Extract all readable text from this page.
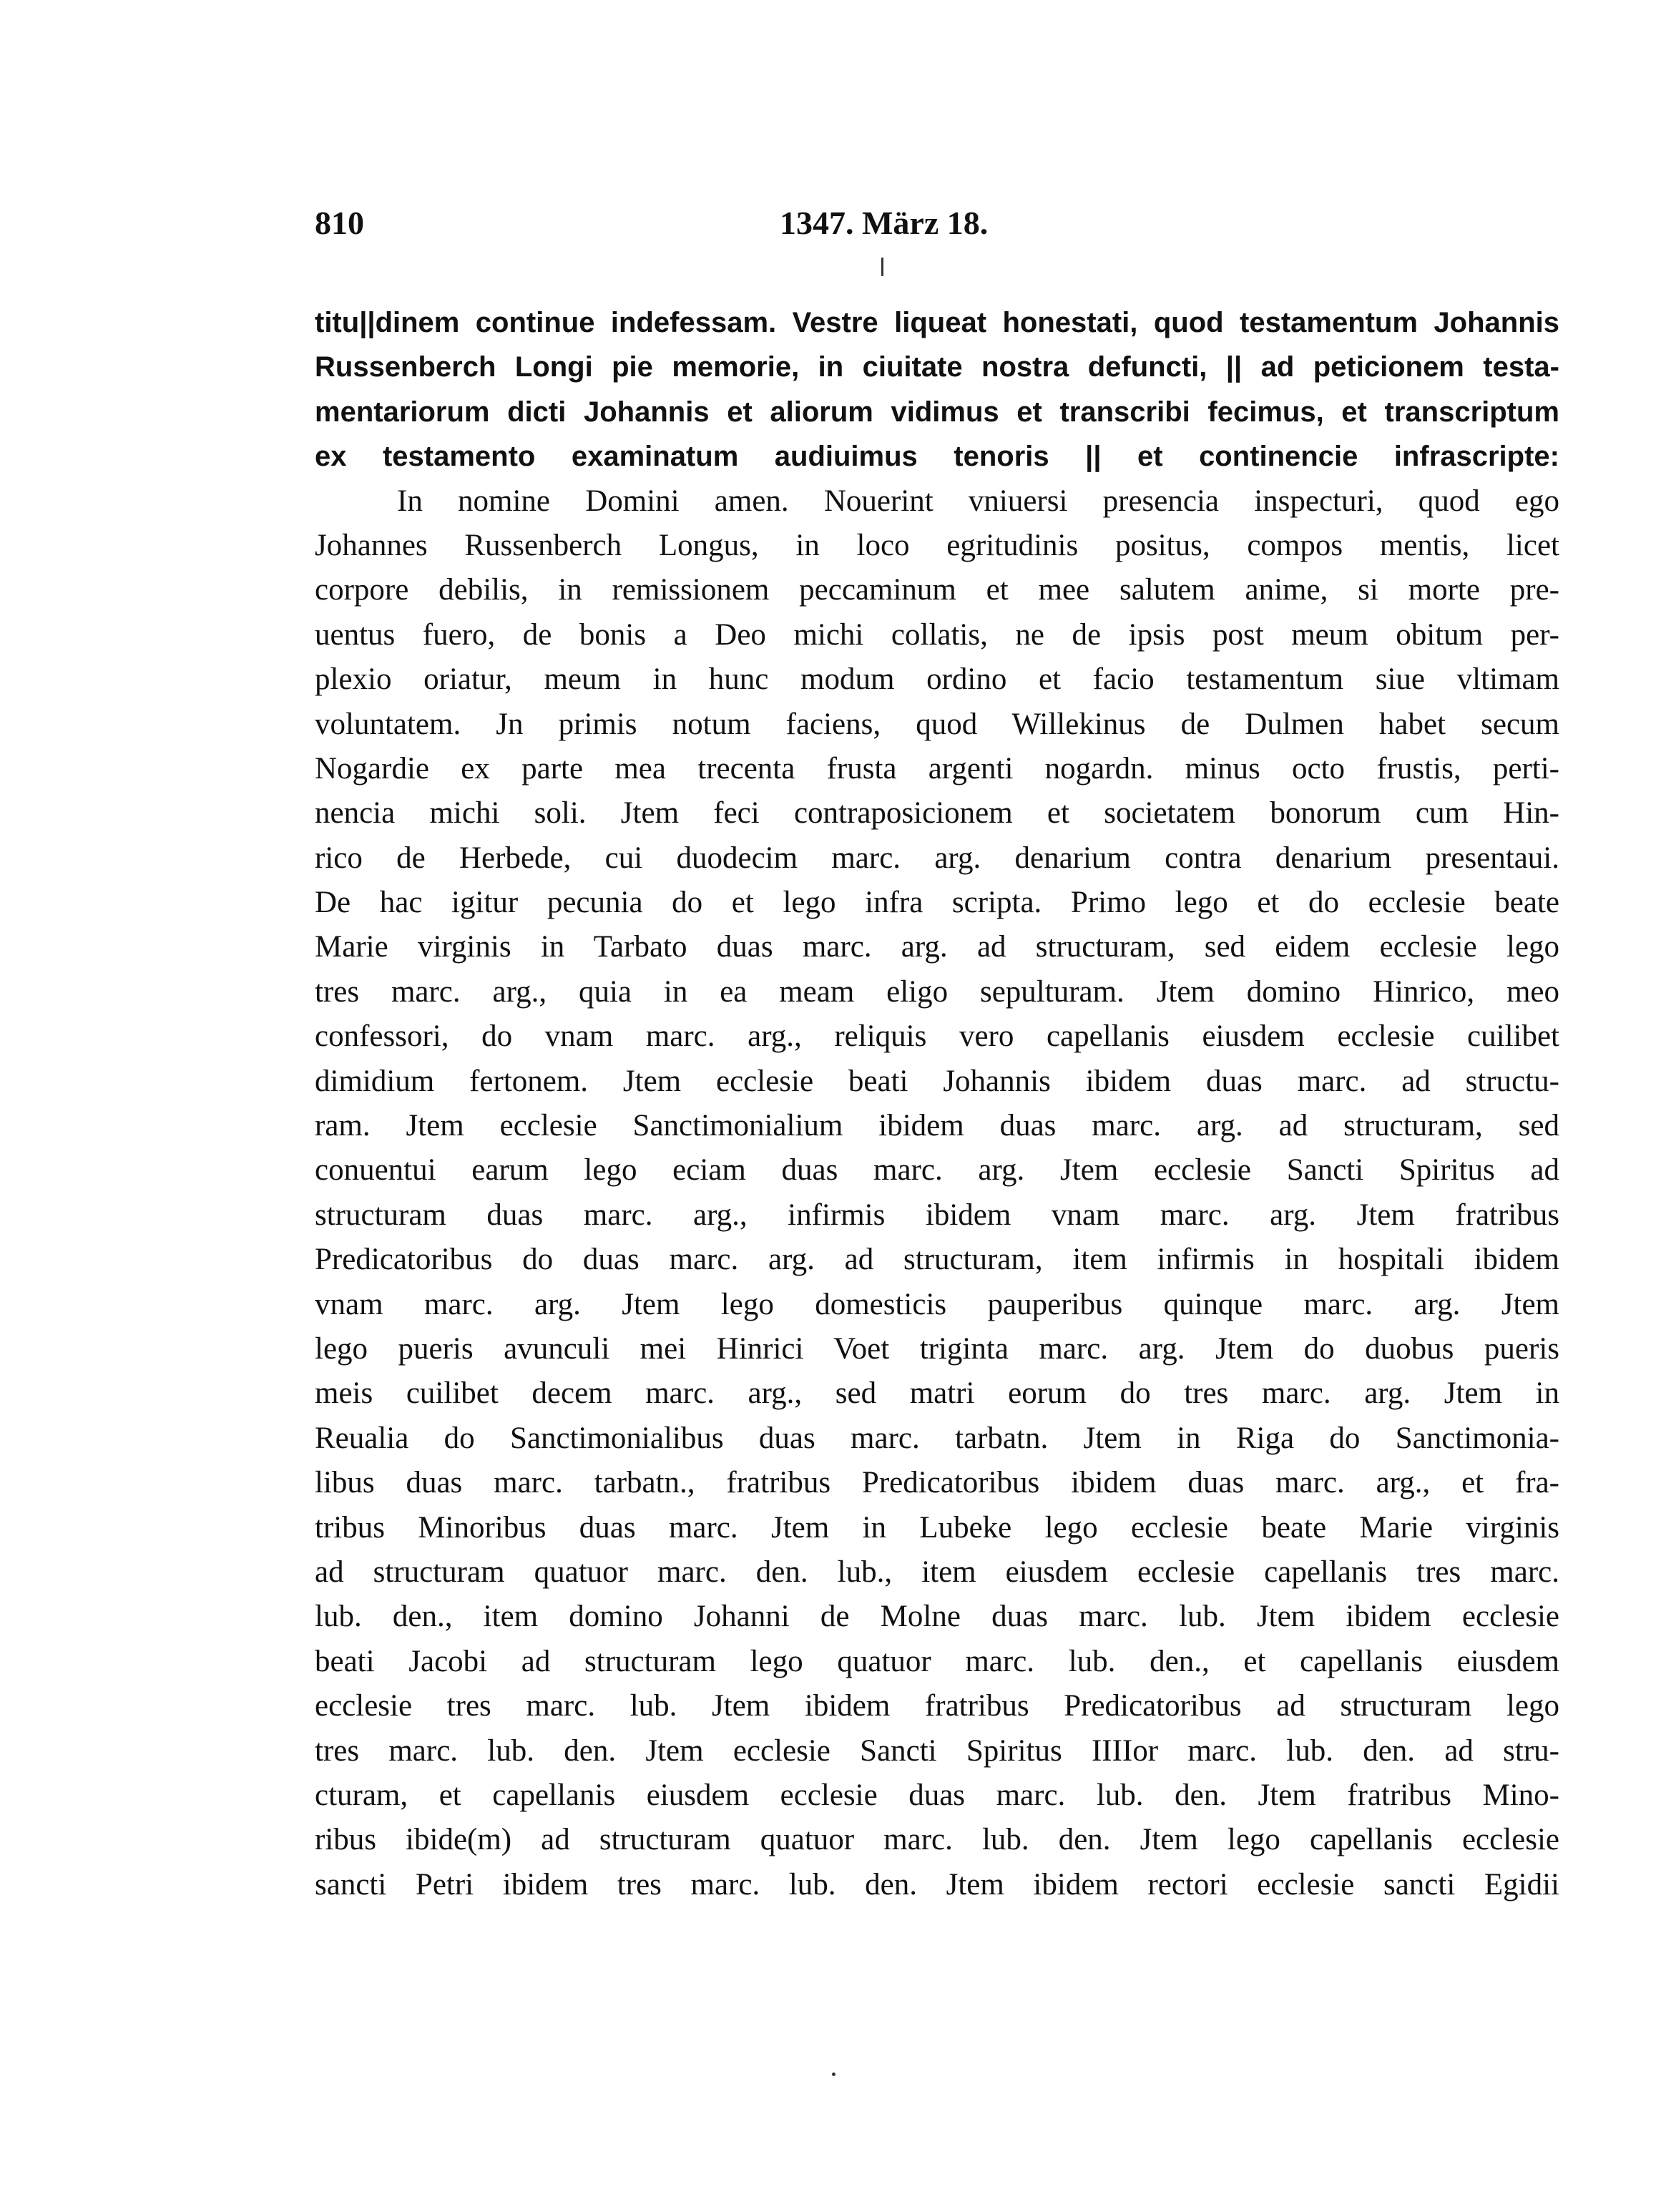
810	1347. März 18.
titu||dinem continue indefessam. Vestre liqueat honestati, quod testamentum Johannis
Russenberch Longi pie memorie, in ciuitate nostra defuncti, || ad peticionem testa-
mentariorum dicti Johannis et aliorum vidimus et transcribi fecimus, et transcriptum
ex testamento examinatum audiuimus tenoris || et continencie infrascripte:
In nomine Domini amen. Nouerint vniuersi presencia inspecturi, quod ego
Johannes Russenberch Longus, in loco egritudinis positus, compos mentis, licet
corpore debilis, in remissionem peccaminum et mee salutem anime, si morte pre-
uentus fuero, de bonis a Deo michi collatis, ne de ipsis post meum obitum per-
plexio oriatur, meum in hunc modum ordino et facio testamentum siue vltimam
voluntatem. Jn primis notum faciens, quod Willekinus de Dulmen habet secum
Nogardie ex parte mea trecenta frusta argenti nogardn. minus octo frustis, perti-
nencia michi soli. Jtem feci contraposicionem et societatem bonorum cum Hin-
rico de Herbede, cui duodecim marc. arg. denarium contra denarium presentaui.
De hac igitur pecunia do et lego infra scripta. Primo lego et do ecclesie beate
Marie virginis in Tarbato duas marc. arg. ad structuram, sed eidem ecclesie lego
tres marc. arg., quia in ea meam eligo sepulturam. Jtem domino Hinrico, meo
confessori, do vnam marc. arg., reliquis vero capellanis eiusdem ecclesie cuilibet
dimidium fertonem. Jtem ecclesie beati Johannis ibidem duas marc. ad structu-
ram. Jtem ecclesie Sanctimonialium ibidem duas marc. arg. ad structuram, sed
conuentui earum lego eciam duas marc. arg. Jtem ecclesie Sancti Spiritus ad
structuram duas marc. arg., infirmis ibidem vnam marc. arg. Jtem fratribus
Predicatoribus do duas marc. arg. ad structuram, item infirmis in hospitali ibidem
vnam marc. arg. Jtem lego domesticis pauperibus quinque marc. arg. Jtem
lego pueris avunculi mei Hinrici Voet triginta marc. arg. Jtem do duobus pueris
meis cuilibet decem marc. arg., sed matri eorum do tres marc. arg. Jtem in
Reualia do Sanctimonialibus duas marc. tarbatn. Jtem in Riga do Sanctimonia-
libus duas marc. tarbatn., fratribus Predicatoribus ibidem duas marc. arg., et fra-
tribus Minoribus duas marc. Jtem in Lubeke lego ecclesie beate Marie virginis
ad structuram quatuor marc. den. lub., item eiusdem ecclesie capellanis tres marc.
lub. den., item domino Johanni de Molne duas marc. lub. Jtem ibidem ecclesie
beati Jacobi ad structuram lego quatuor marc. lub. den., et capellanis eiusdem
ecclesie tres marc. lub. Jtem ibidem fratribus Predicatoribus ad structuram lego
tres marc. lub. den. Jtem ecclesie Sancti Spiritus IIIIor marc. lub. den. ad stru-
cturam, et capellanis eiusdem ecclesie duas marc. lub. den. Jtem fratribus Mino-
ribus ibide(m) ad structuram quatuor marc. lub. den. Jtem lego capellanis ecclesie
sancti Petri ibidem tres marc. lub. den. Jtem ibidem rectori ecclesie sancti Egidii
